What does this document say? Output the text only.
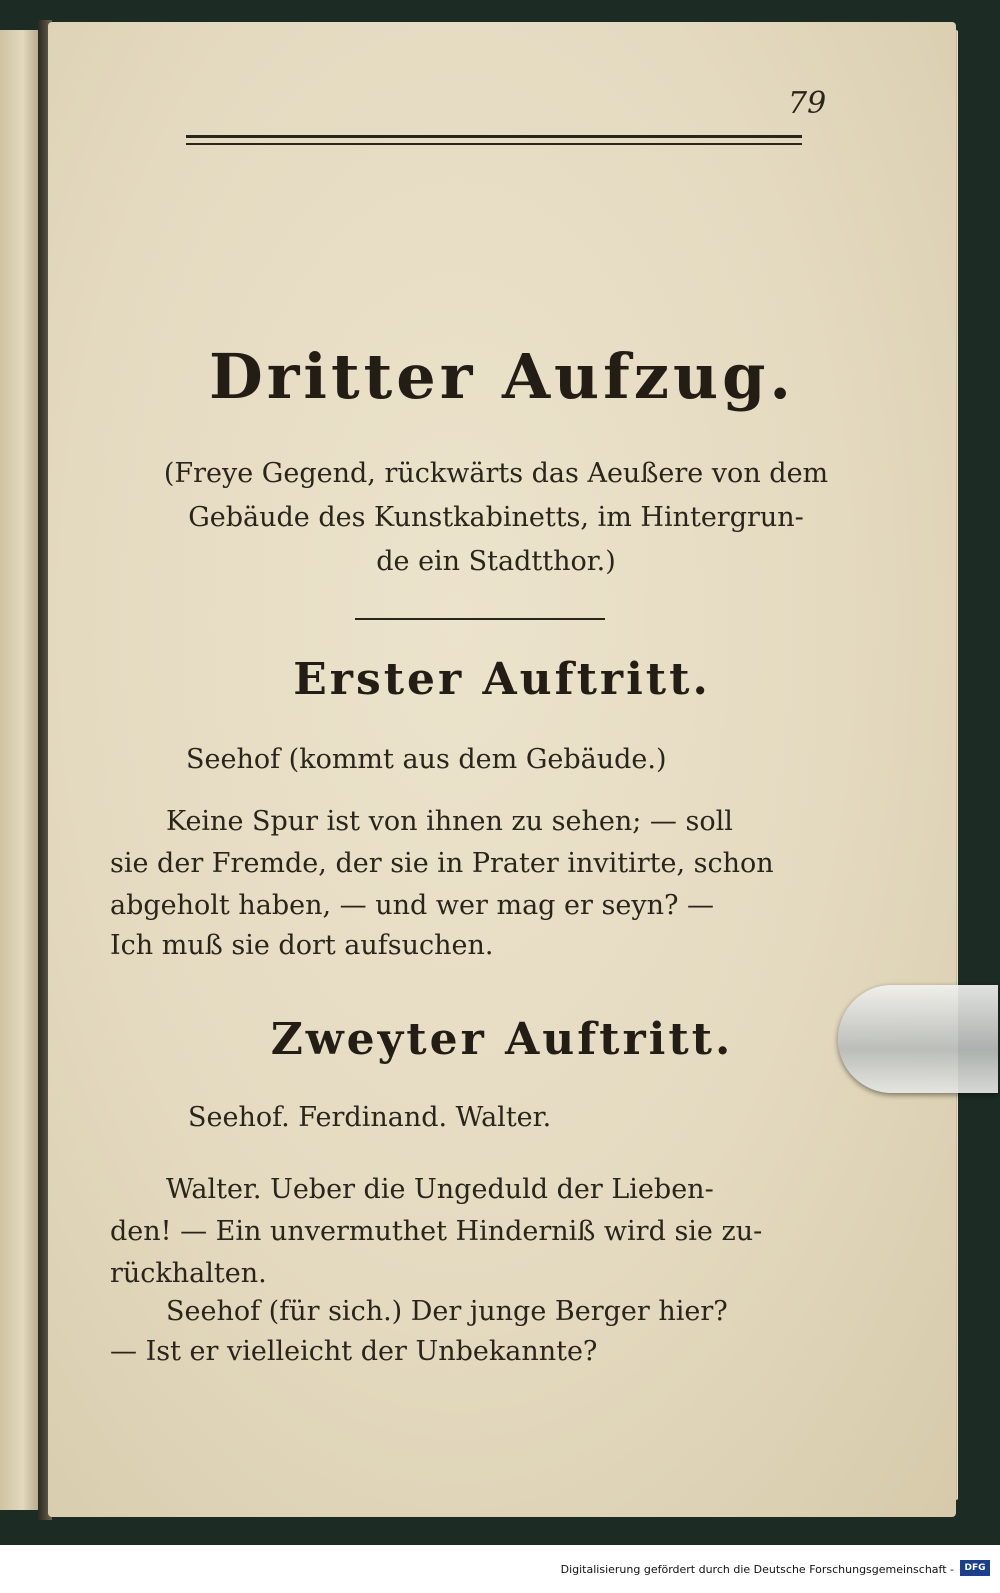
79
Dritter Aufzug.
(Freye Gegend, rückwärts das Aeußere von dem
Gebäude des Kunstkabinetts, im Hintergrun-
de ein Stadtthor.)
Erster Auftritt.
Seehof (kommt aus dem Gebäude.)
Keine Spur ist von ihnen zu sehen; — soll
sie der Fremde, der sie in Prater invitirte, schon
abgeholt haben, — und wer mag er seyn? —
Ich muß sie dort aufsuchen.
Zweyter Auftritt.
Seehof. Ferdinand. Walter.
Walter. Ueber die Ungeduld der Lieben-
den! — Ein unvermuthet Hinderniß wird sie zu-
rückhalten.
Seehof (für sich.) Der junge Berger hier?
— Ist er vielleicht der Unbekannte?
Digitalisierung gefördert durch die Deutsche Forschungsgemeinschaft -	DFG
